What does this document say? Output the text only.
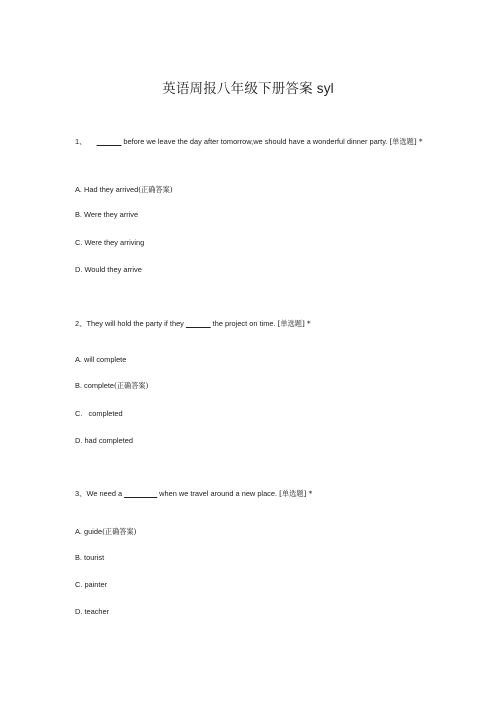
英语周报八年级下册答案 syl
1、 ______ before we leave the day after tomorrow,we should have a wonderful dinner party. [单选题] *
A. Had they arrived(正确答案)
B. Were they arrive
C. Were they arriving
D. Would they arrive
2、They will hold the party if they ______ the project on time. [单选题] *
A. will complete
B. complete(正确答案)
C.   completed
D. had completed
3、We need a ________ when we travel around a new place. [单选题] *
A. guide(正确答案)
B. tourist
C. painter
D. teacher
